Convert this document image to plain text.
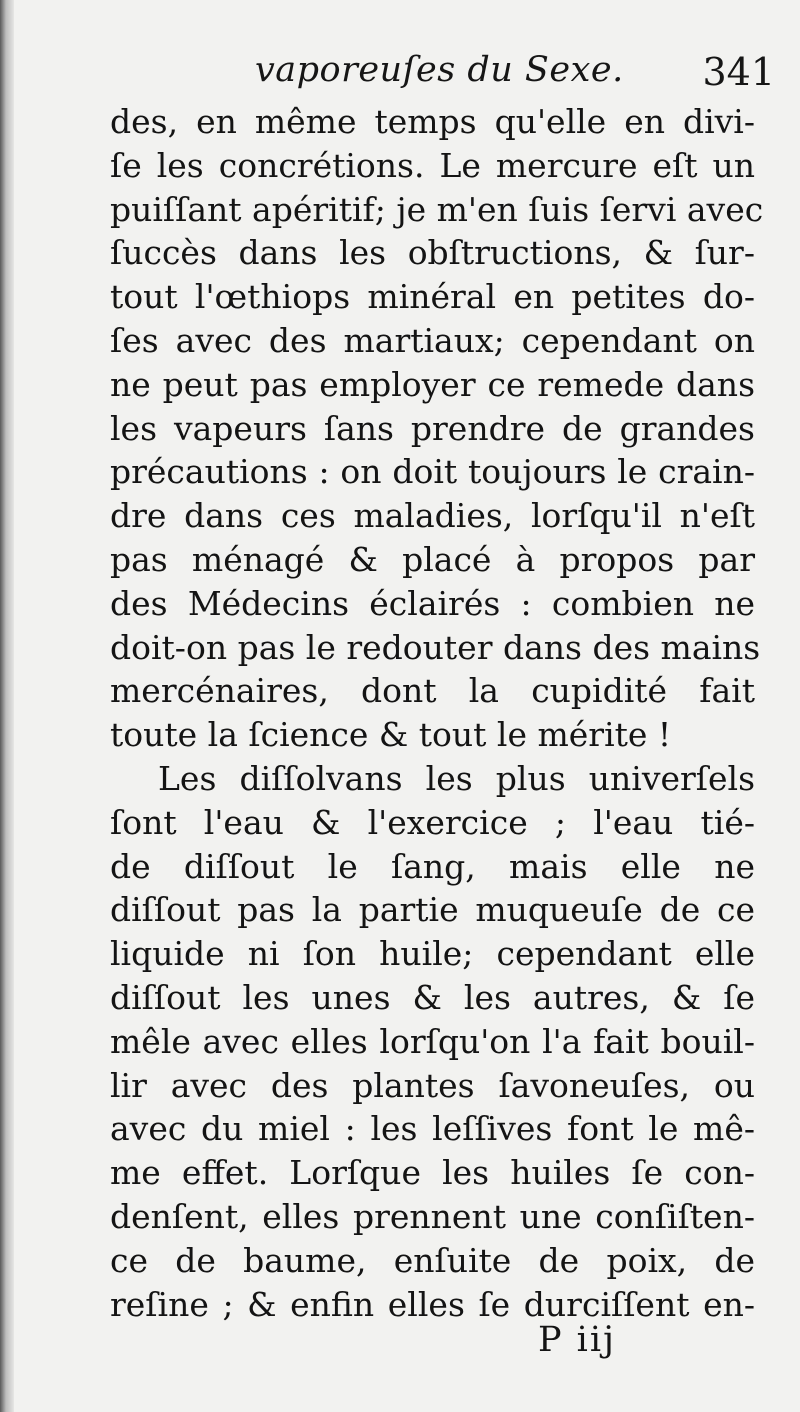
vaporeuſes du Sexe. 341
des, en même temps qu'elle en divi-
ſe les concrétions. Le mercure eſt un
puiſſant apéritif; je m'en ſuis ſervi avec
ſuccès dans les obſtructions, & ſur-
tout l'œthiops minéral en petites do-
ſes avec des martiaux; cependant on
ne peut pas employer ce remede dans
les vapeurs ſans prendre de grandes
précautions : on doit toujours le crain-
dre dans ces maladies, lorſqu'il n'eſt
pas ménagé & placé à propos par
des Médecins éclairés : combien ne
doit-on pas le redouter dans des mains
mercénaires, dont la cupidité fait
toute la ſcience & tout le mérite !
Les diſſolvans les plus univerſels
ſont l'eau & l'exercice ; l'eau tié-
de diſſout le ſang, mais elle ne
diſſout pas la partie muqueuſe de ce
liquide ni ſon huile; cependant elle
diſſout les unes & les autres, & ſe
mêle avec elles lorſqu'on l'a fait bouil-
lir avec des plantes ſavoneuſes, ou
avec du miel : les leſſives font le mê-
me effet. Lorſque les huiles ſe con-
denſent, elles prennent une conſiſten-
ce de baume, enſuite de poix, de
reſine ; & enfin elles ſe durciſſent en-
P iij
